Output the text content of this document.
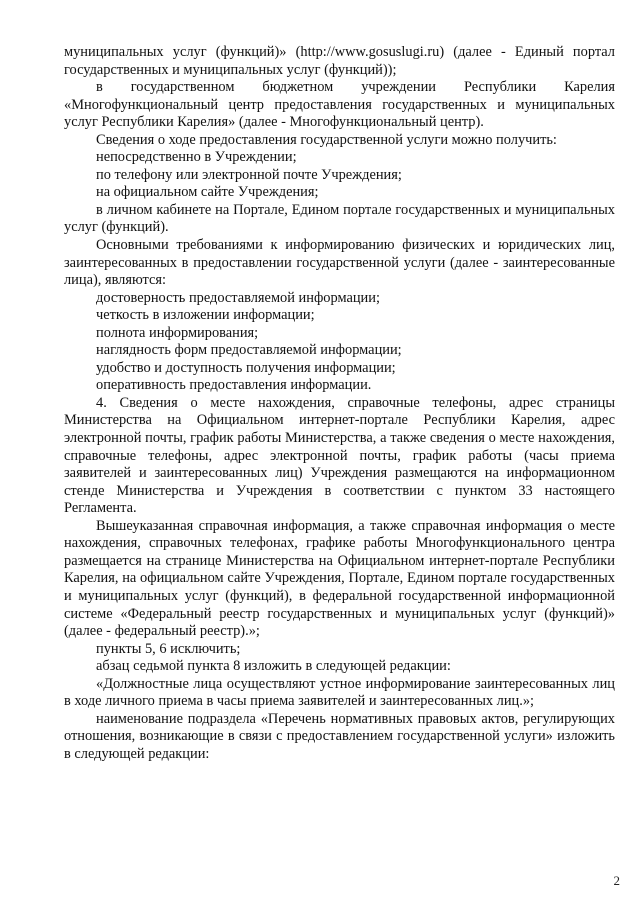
муниципальных услуг (функций)» (http://www.gosuslugi.ru) (далее - Единый портал государственных и муниципальных услуг (функций));

в государственном бюджетном учреждении Республики Карелия «Многофункциональный центр предоставления государственных и муниципальных услуг Республики Карелия» (далее - Многофункциональный центр).

Сведения о ходе предоставления государственной услуги можно получить:

непосредственно в Учреждении;

по телефону или электронной почте Учреждения;

на официальном сайте Учреждения;

в личном кабинете на Портале, Едином портале государственных и муниципальных услуг (функций).

Основными требованиями к информированию физических и юридических лиц, заинтересованных в предоставлении государственной услуги (далее - заинтересованные лица), являются:

достоверность предоставляемой информации;

четкость в изложении информации;

полнота информирования;

наглядность форм предоставляемой информации;

удобство и доступность получения информации;

оперативность предоставления информации.

4. Сведения о месте нахождения, справочные телефоны, адрес страницы Министерства на Официальном интернет-портале Республики Карелия, адрес электронной почты, график работы Министерства, а также сведения о месте нахождения, справочные телефоны, адрес электронной почты, график работы (часы приема заявителей и заинтересованных лиц) Учреждения размещаются на информационном стенде Министерства и Учреждения в соответствии с пунктом 33 настоящего Регламента.

Вышеуказанная справочная информация, а также справочная информация о месте нахождения, справочных телефонах, графике работы Многофункционального центра размещается на странице Министерства на Официальном интернет-портале Республики Карелия, на официальном сайте Учреждения, Портале, Едином портале государственных и муниципальных услуг (функций), в федеральной государственной информационной системе «Федеральный реестр государственных и муниципальных услуг (функций)» (далее - федеральный реестр).»;

пункты 5, 6 исключить;

абзац седьмой пункта 8 изложить в следующей редакции:

«Должностные лица осуществляют устное информирование заинтересованных лиц в ходе личного приема в часы приема заявителей и заинтересованных лиц.»;

наименование подраздела «Перечень нормативных правовых актов, регулирующих отношения, возникающие в связи с предоставлением государственной услуги» изложить в следующей редакции:

2
